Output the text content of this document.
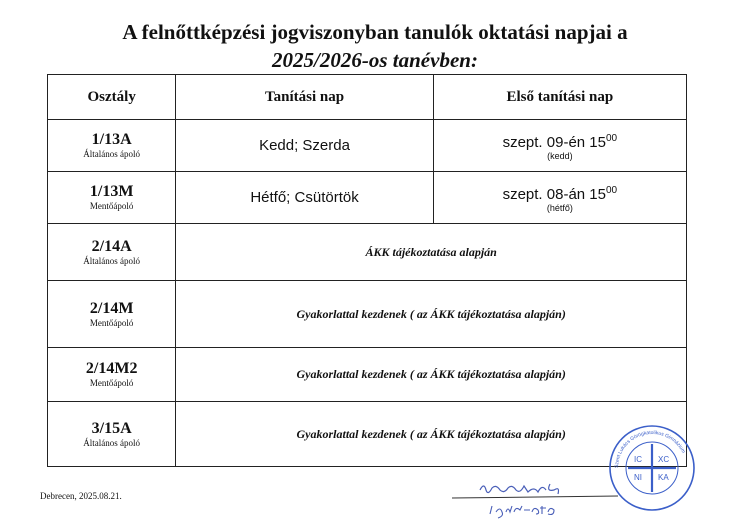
A felnőttképzési jogviszonyban tanulók oktatási napjai a
2025/2026-os tanévben:
Osztály	Tanítási nap	Első tanítási nap

1/13A
Általános ápoló	Kedd; Szerda	szept. 09-én $15^{00}$
(kedd)

1/13M
Mentőápoló	Hétfő; Csütörtök	szept. 08-án $15^{00}$
(hétfő)

2/14A
Általános ápoló	ÁKK tájékoztatása alapján	

2/14M
Mentőápoló	Gyakorlattal kezdenek ( az ÁKK tájékoztatása alapján)	

2/14M2
Mentőápoló	Gyakorlattal kezdenek ( az ÁKK tájékoztatása alapján)	

3/15A
Általános ápoló	Gyakorlattal kezdenek ( az ÁKK tájékoztatása alapján)	
Debrecen, 2025.08.21.
IC XC
NI KA
Szent Lukács Görögkatolikus Gimnázium
